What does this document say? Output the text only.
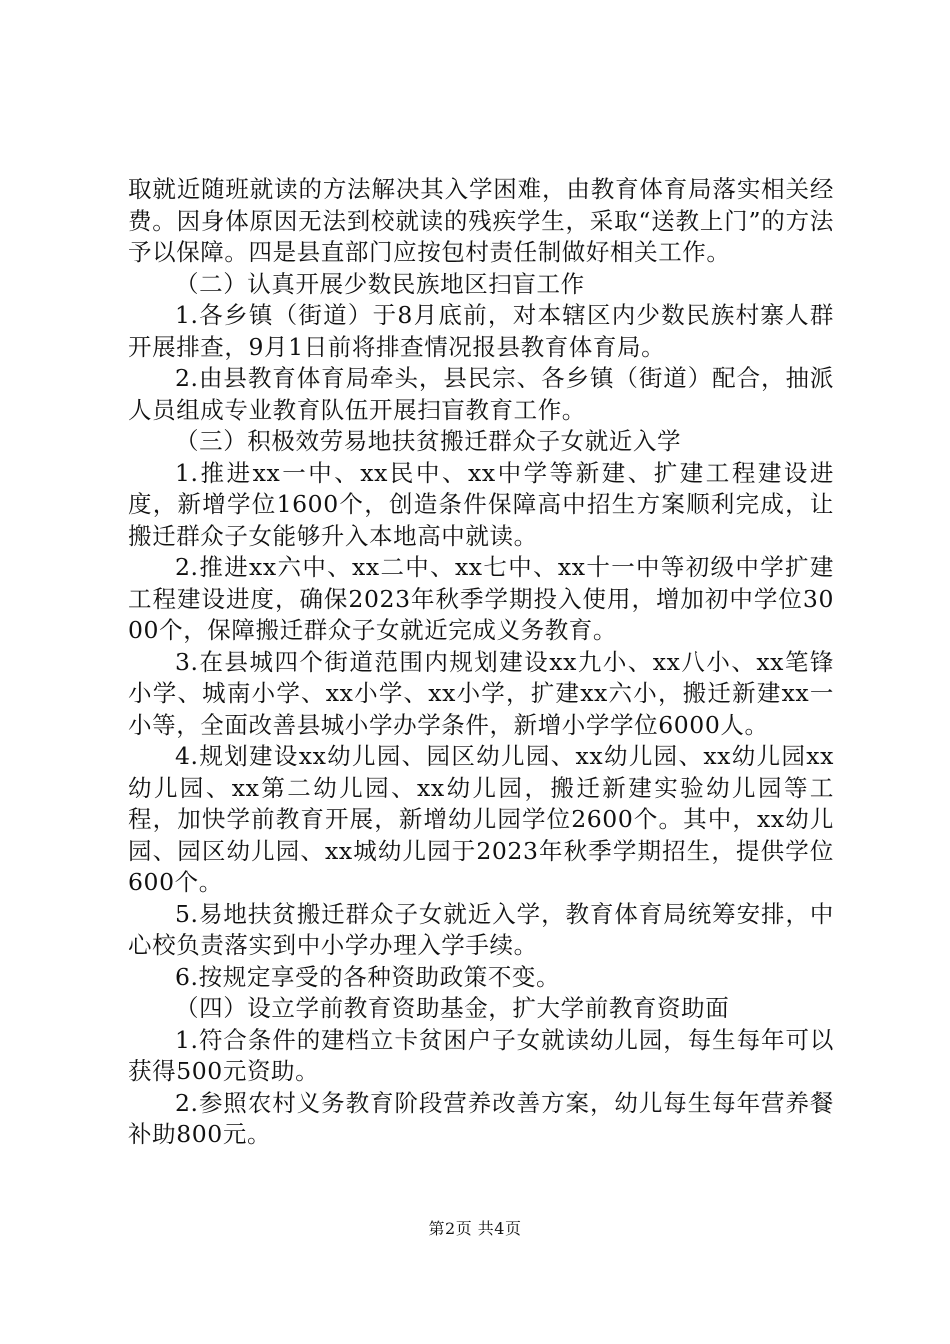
取就近随班就读的方法解决其入学困难，由教育体育局落实相关经费。因身体原因无法到校就读的残疾学生，采取“送教上门”的方法予以保障。四是县直部门应按包村责任制做好相关工作。

（二）认真开展少数民族地区扫盲工作

1.各乡镇（街道）于8月底前，对本辖区内少数民族村寨人群开展排查，9月1日前将排查情况报县教育体育局。

2.由县教育体育局牵头，县民宗、各乡镇（街道）配合，抽派人员组成专业教育队伍开展扫盲教育工作。

（三）积极效劳易地扶贫搬迁群众子女就近入学

1.推进xx一中、xx民中、xx中学等新建、扩建工程建设进度，新增学位1600个，创造条件保障高中招生方案顺利完成，让搬迁群众子女能够升入本地高中就读。

2.推进xx六中、xx二中、xx七中、xx十一中等初级中学扩建工程建设进度，确保2023年秋季学期投入使用，增加初中学位3000个，保障搬迁群众子女就近完成义务教育。

3.在县城四个街道范围内规划建设xx九小、xx八小、xx笔锋小学、城南小学、xx小学、xx小学，扩建xx六小，搬迁新建xx一小等，全面改善县城小学办学条件，新增小学学位6000人。

4.规划建设xx幼儿园、园区幼儿园、xx幼儿园、xx幼儿园xx幼儿园、xx第二幼儿园、xx幼儿园，搬迁新建实验幼儿园等工程，加快学前教育开展，新增幼儿园学位2600个。其中，xx幼儿园、园区幼儿园、xx城幼儿园于2023年秋季学期招生，提供学位600个。

5.易地扶贫搬迁群众子女就近入学，教育体育局统筹安排，中心校负责落实到中小学办理入学手续。

6.按规定享受的各种资助政策不变。

（四）设立学前教育资助基金，扩大学前教育资助面

1.符合条件的建档立卡贫困户子女就读幼儿园，每生每年可以获得500元资助。

2.参照农村义务教育阶段营养改善方案，幼儿每生每年营养餐补助800元。

第2页 共4页
